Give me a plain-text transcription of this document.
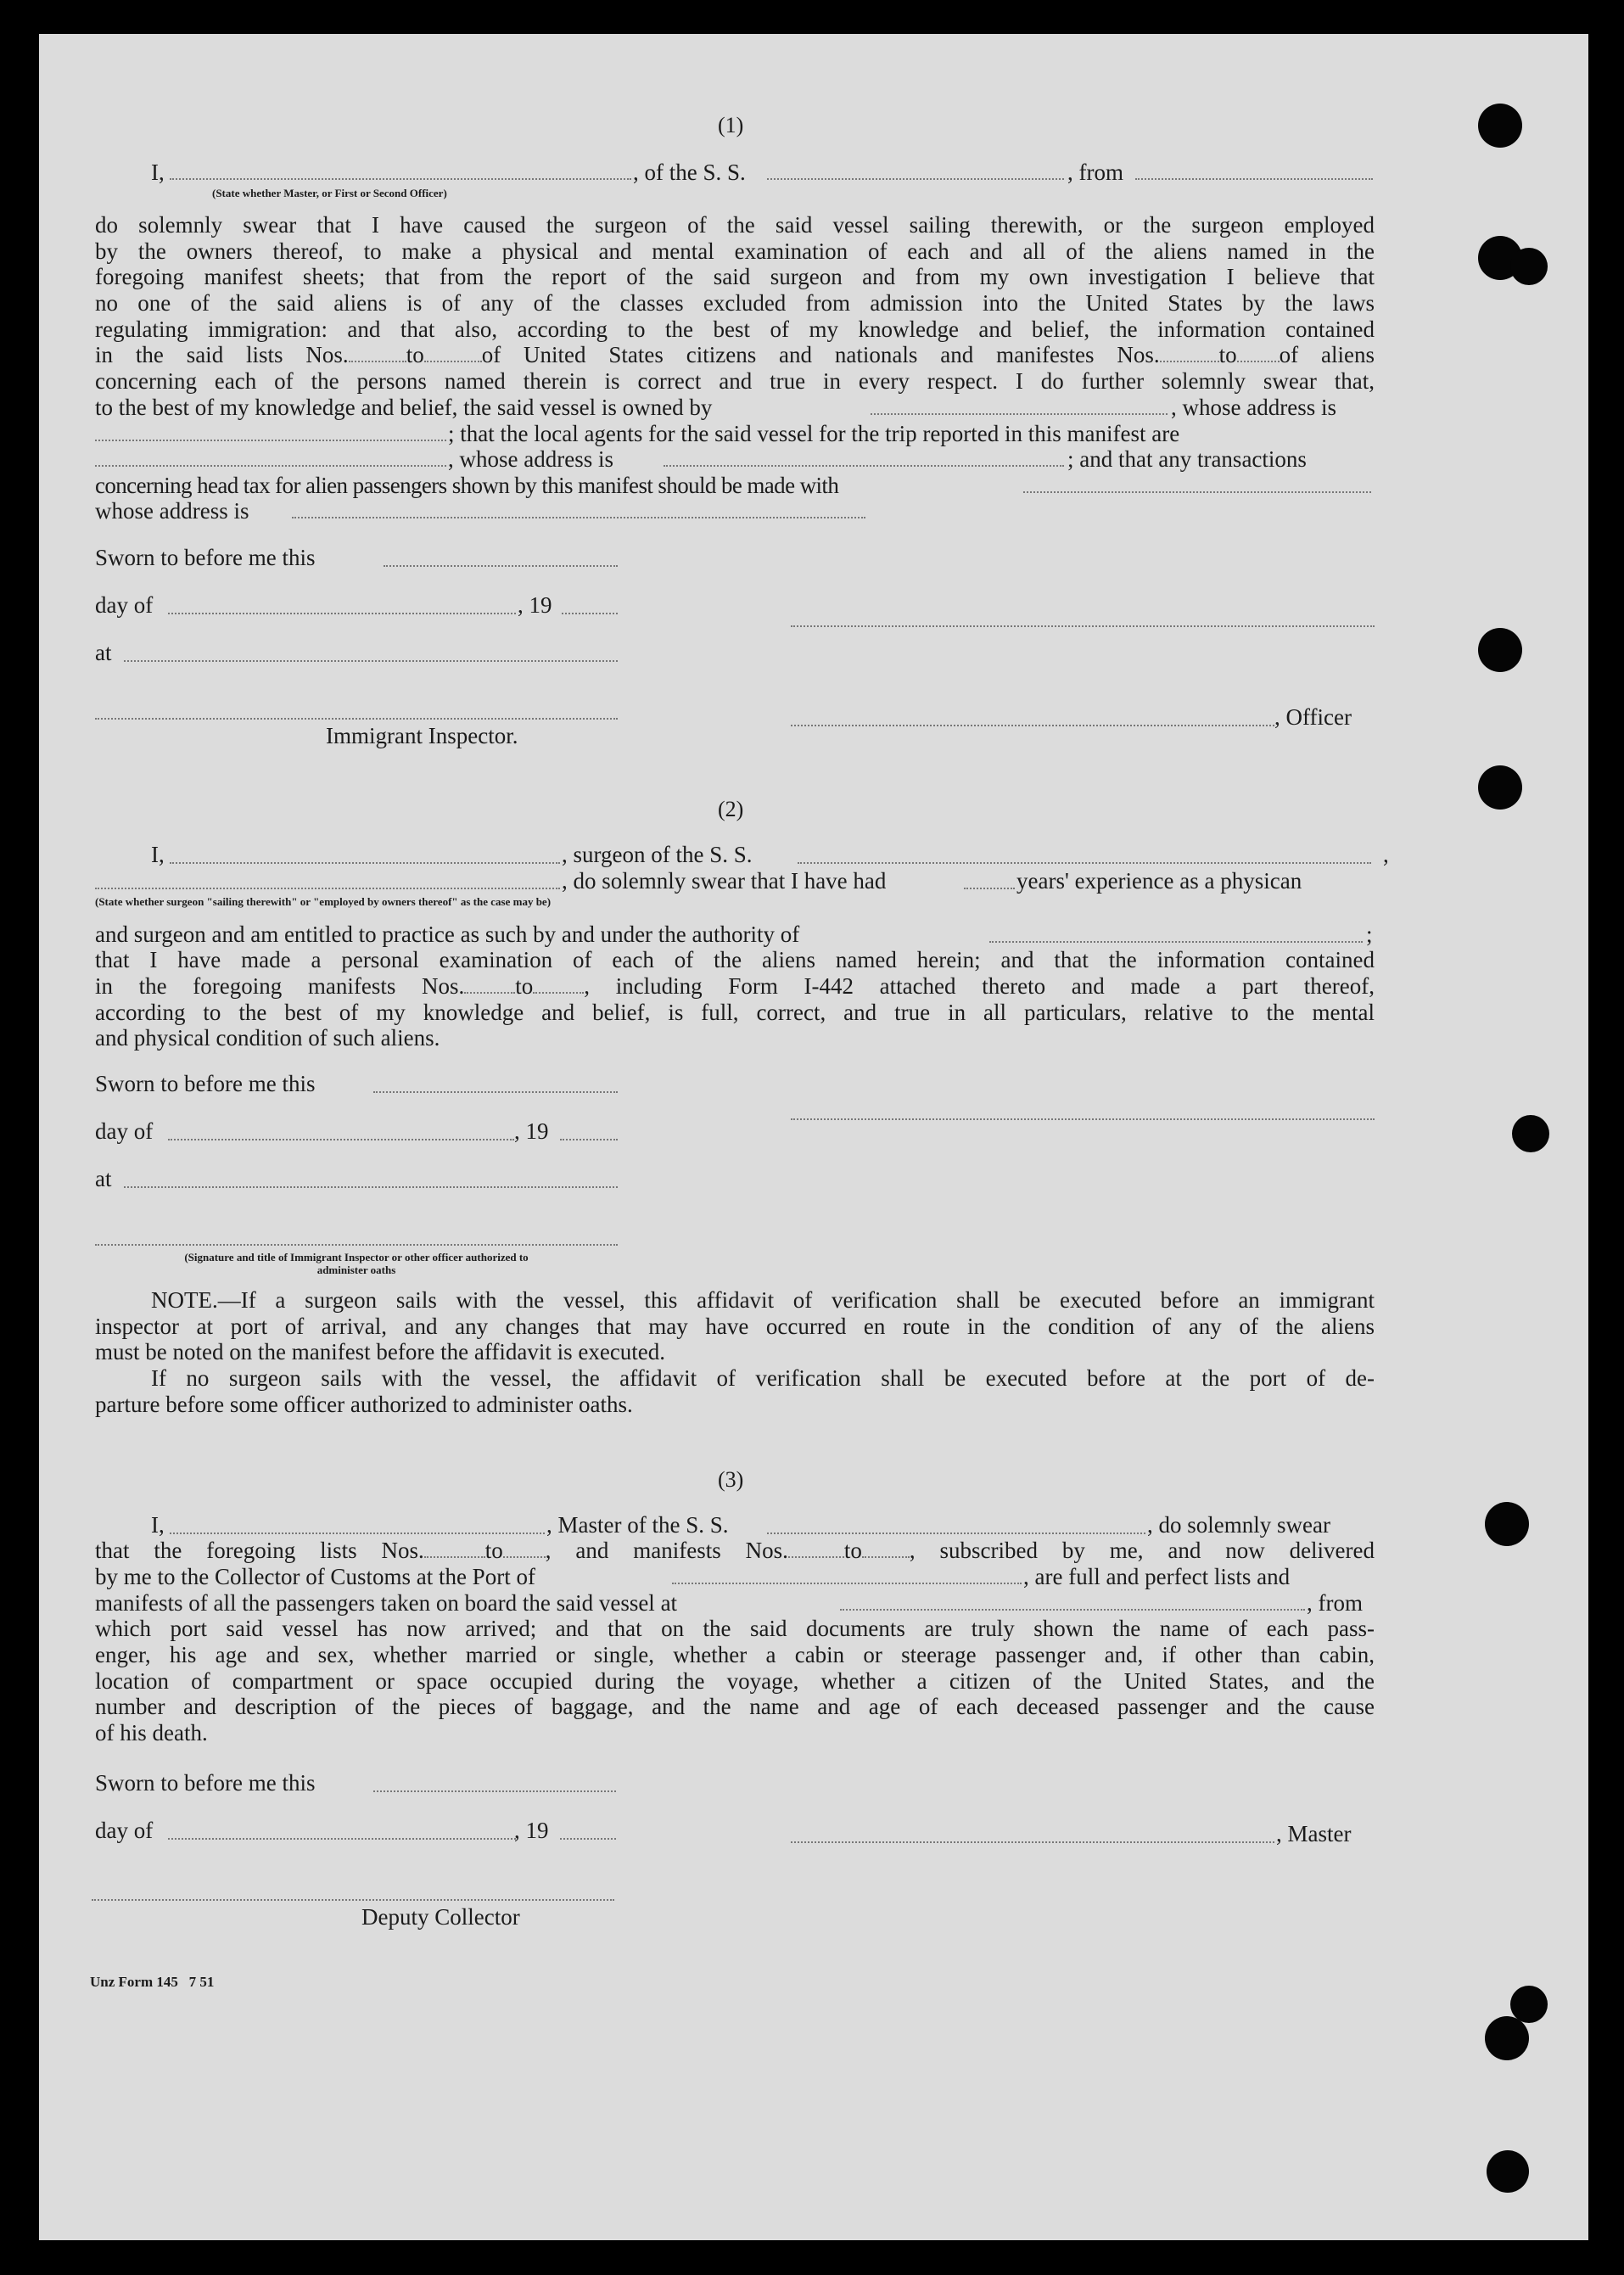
(1)
I,	, of the S. S.	, from
(State whether Master, or First or Second Officer)
do solemnly swear that I have caused the surgeon of the said vessel sailing therewith, or the surgeon employed
by the owners thereof, to make a physical and mental examination of each and all of the aliens named in the
foregoing manifest sheets; that from the report of the said surgeon and from my own investigation I believe that
no one of the said aliens is of any of the classes excluded from admission into the United States by the laws
regulating immigration: and that also, according to the best of my knowledge and belief, the information contained
in the said lists Nos.	to	of United States citizens and nationals and manifestes Nos.	to of aliens
concerning each of the persons named therein is correct and true in every respect. I do further solemnly swear that,
to the best of my knowledge and belief, the said vessel is owned by	, whose address is
; that the local agents for the said vessel for the trip reported in this manifest are
, whose address is	; and that any transactions
concerning head tax for alien passengers shown by this manifest should be made with
whose address is
Sworn to before me this
day of	, 19
at
, Officer
Immigrant Inspector.
(2)
I,	, surgeon of the S. S.	,
, do solemnly swear that I have had	years' experience as a physican
(State whether surgeon "sailing therewith" or "employed by owners thereof" as the case may be)
and surgeon and am entitled to practice as such by and under the authority of	;
that I have made a personal examination of each of the aliens named herein; and that the information contained
in the foregoing manifests Nos. to , including Form I-442 attached thereto and made a part thereof,
according to the best of my knowledge and belief, is full, correct, and true in all particulars, relative to the mental
and physical condition of such aliens.
Sworn to before me this
day of	, 19
at
(Signature and title of Immigrant Inspector or other officer authorized to administer oaths
NOTE.—If a surgeon sails with the vessel, this affidavit of verification shall be executed before an immigrant
inspector at port of arrival, and any changes that may have occurred en route in the condition of any of the aliens
must be noted on the manifest before the affidavit is executed.
If no surgeon sails with the vessel, the affidavit of verification shall be executed before at the port of de-
parture before some officer authorized to administer oaths.
(3)
I,	, Master of the S. S.	, do solemnly swear
that the foregoing lists Nos.	to , and manifests Nos. to , subscribed by me, and now delivered
by me to the Collector of Customs at the Port of	, are full and perfect lists and
manifests of all the passengers taken on board the said vessel at	, from
which port said vessel has now arrived; and that on the said documents are truly shown the name of each pass-
enger, his age and sex, whether married or single, whether a cabin or steerage passenger and, if other than cabin,
location of compartment or space occupied during the voyage, whether a citizen of the United States, and the
number and description of the pieces of baggage, and the name and age of each deceased passenger and the cause
of his death.
Sworn to before me this
day of	, 19	, Master
Deputy Collector
Unz Form 145   7 51
